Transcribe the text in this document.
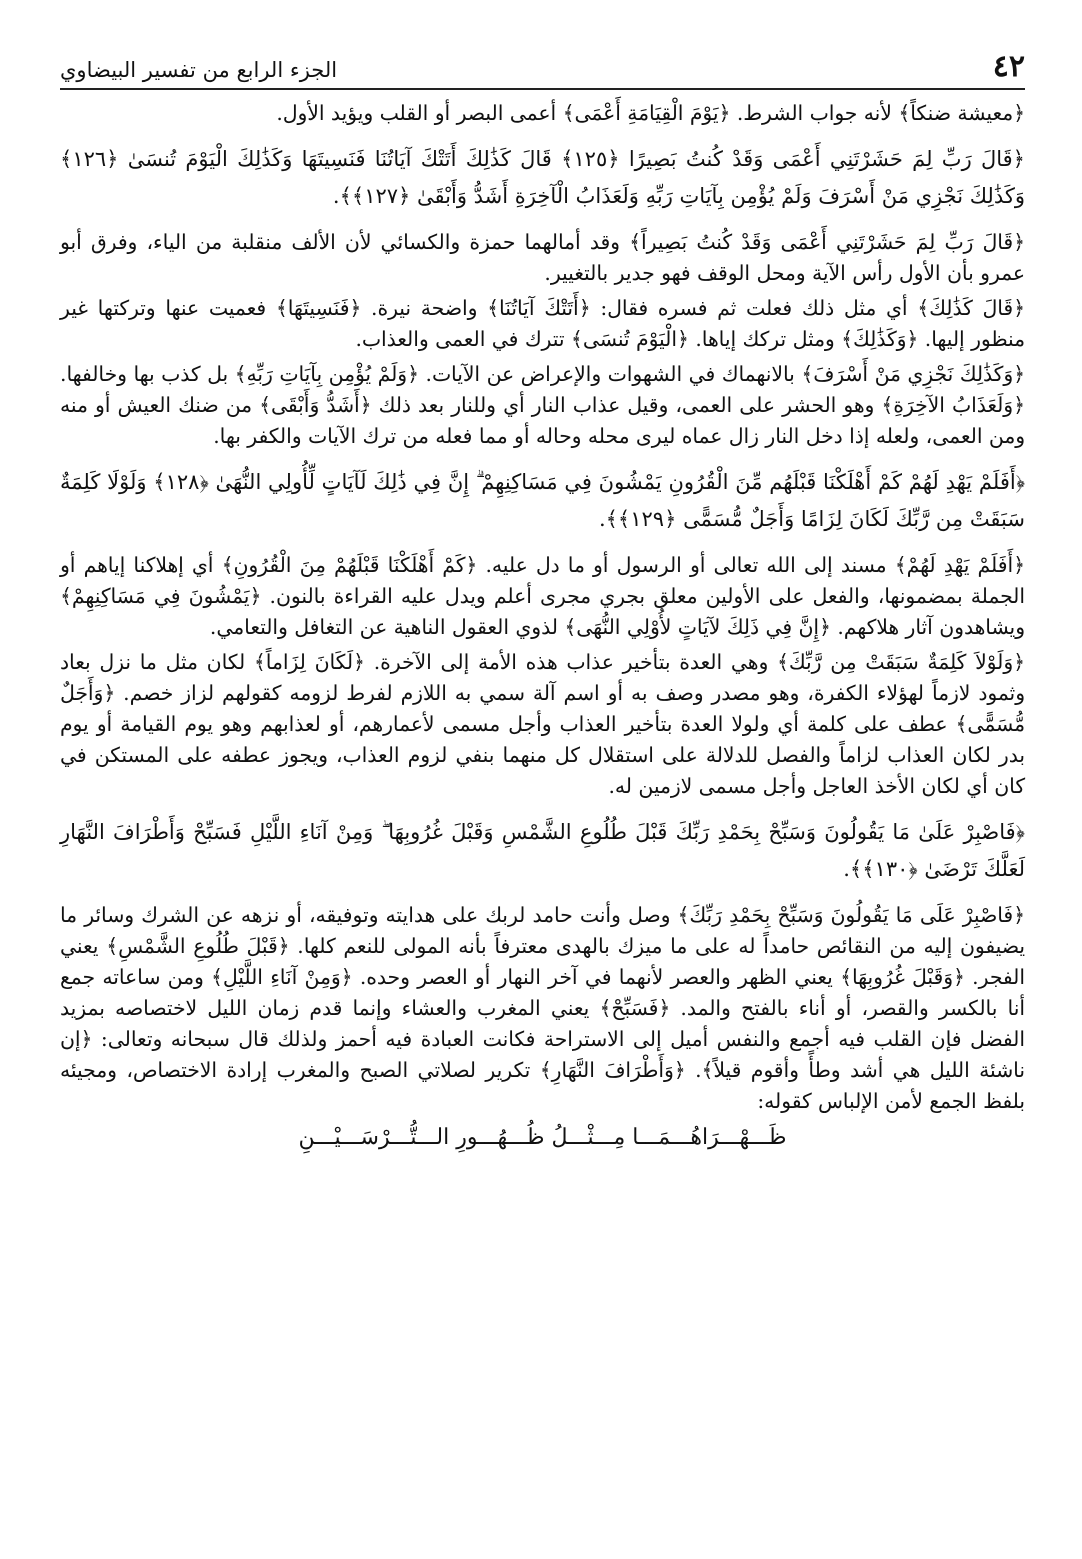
٤٢
الجزء الرابع من تفسير البيضاوي

﴿معيشة ضنكاً﴾ لأنه جواب الشرط. ﴿يَوْمَ الْقِيَامَةِ أَعْمَى﴾ أعمى البصر أو القلب ويؤيد الأول.

﴿قَالَ رَبِّ لِمَ حَشَرْتَنِي أَعْمَى وَقَدْ كُنتُ بَصِيرًا ﴿١٢٥﴾ قَالَ كَذَٰلِكَ أَتَتْكَ آيَاتُنَا فَنَسِيتَهَا وَكَذَٰلِكَ الْيَوْمَ تُنسَىٰ ﴿١٢٦﴾ وَكَذَٰلِكَ نَجْزِي مَنْ أَسْرَفَ وَلَمْ يُؤْمِن بِآيَاتِ رَبِّهِ وَلَعَذَابُ الْآخِرَةِ أَشَدُّ وَأَبْقَىٰ ﴿١٢٧﴾﴾.

﴿قَالَ رَبِّ لِمَ حَشَرْتَنِي أَعْمَى وَقَدْ كُنتُ بَصِيراً﴾ وقد أمالهما حمزة والكسائي لأن الألف منقلبة من الياء، وفرق أبو عمرو بأن الأول رأس الآية ومحل الوقف فهو جدير بالتغيير.

﴿قَالَ كَذَٰلِكَ﴾ أي مثل ذلك فعلت ثم فسره فقال: ﴿أَتَتْكَ آيَاتُنَا﴾ واضحة نيرة. ﴿فَنَسِيتَهَا﴾ فعميت عنها وتركتها غير منظور إليها. ﴿وَكَذَٰلِكَ﴾ ومثل تركك إياها. ﴿الْيَوْمَ تُنسَى﴾ تترك في العمى والعذاب.

﴿وَكَذَٰلِكَ نَجْزِي مَنْ أَسْرَفَ﴾ بالانهماك في الشهوات والإعراض عن الآيات. ﴿وَلَمْ يُؤْمِن بِآيَاتِ رَبِّهِ﴾ بل كذب بها وخالفها. ﴿وَلَعَذَابُ الآخِرَةِ﴾ وهو الحشر على العمى، وقيل عذاب النار أي وللنار بعد ذلك ﴿أَشَدُّ وَأَبْقَى﴾ من ضنك العيش أو منه ومن العمى، ولعله إذا دخل النار زال عماه ليرى محله وحاله أو مما فعله من ترك الآيات والكفر بها.

﴿أَفَلَمْ يَهْدِ لَهُمْ كَمْ أَهْلَكْنَا قَبْلَهُم مِّنَ الْقُرُونِ يَمْشُونَ فِي مَسَاكِنِهِمْ ۗ إِنَّ فِي ذَٰلِكَ لَآيَاتٍ لِّأُولِي النُّهَىٰ ﴿١٢٨﴾ وَلَوْلَا كَلِمَةٌ سَبَقَتْ مِن رَّبِّكَ لَكَانَ لِزَامًا وَأَجَلٌ مُّسَمًّى ﴿١٢٩﴾﴾.

﴿أَفَلَمْ يَهْدِ لَهُمْ﴾ مسند إلى الله تعالى أو الرسول أو ما دل عليه. ﴿كَمْ أَهْلَكْنَا قَبْلَهُمْ مِنَ الْقُرُونِ﴾ أي إهلاكنا إياهم أو الجملة بمضمونها، والفعل على الأولين معلق بجري مجرى أعلم ويدل عليه القراءة بالنون. ﴿يَمْشُونَ فِي مَسَاكِنِهِمْ﴾ ويشاهدون آثار هلاكهم. ﴿إِنَّ فِي ذَلِكَ لآيَاتٍ لأُوْلِي النُّهَى﴾ لذوي العقول الناهية عن التغافل والتعامي.

﴿وَلَوْلاَ كَلِمَةٌ سَبَقَتْ مِن رَّبِّكَ﴾ وهي العدة بتأخير عذاب هذه الأمة إلى الآخرة. ﴿لَكَانَ لِزَاماً﴾ لكان مثل ما نزل بعاد وثمود لازماً لهؤلاء الكفرة، وهو مصدر وصف به أو اسم آلة سمي به اللازم لفرط لزومه كقولهم لزاز خصم. ﴿وَأَجَلٌ مُّسَمًّى﴾ عطف على كلمة أي ولولا العدة بتأخير العذاب وأجل مسمى لأعمارهم، أو لعذابهم وهو يوم القيامة أو يوم بدر لكان العذاب لزاماً والفصل للدلالة على استقلال كل منهما بنفي لزوم العذاب، ويجوز عطفه على المستكن في كان أي لكان الأخذ العاجل وأجل مسمى لازمين له.

﴿فَاصْبِرْ عَلَىٰ مَا يَقُولُونَ وَسَبِّحْ بِحَمْدِ رَبِّكَ قَبْلَ طُلُوعِ الشَّمْسِ وَقَبْلَ غُرُوبِهَا ۖ وَمِنْ آنَاءِ اللَّيْلِ فَسَبِّحْ وَأَطْرَافَ النَّهَارِ لَعَلَّكَ تَرْضَىٰ ﴿١٣٠﴾﴾.

﴿فَاصْبِرْ عَلَى مَا يَقُولُونَ وَسَبِّحْ بِحَمْدِ رَبِّكَ﴾ وصل وأنت حامد لربك على هدايته وتوفيقه، أو نزهه عن الشرك وسائر ما يضيفون إليه من النقائص حامداً له على ما ميزك بالهدى معترفاً بأنه المولى للنعم كلها. ﴿قَبْلَ طُلُوعِ الشَّمْسِ﴾ يعني الفجر. ﴿وَقَبْلَ غُرُوبِهَا﴾ يعني الظهر والعصر لأنهما في آخر النهار أو العصر وحده. ﴿وَمِنْ آنَاءِ اللَّيْلِ﴾ ومن ساعاته جمع أنا بالكسر والقصر، أو أناء بالفتح والمد. ﴿فَسَبِّحْ﴾ يعني المغرب والعشاء وإنما قدم زمان الليل لاختصاصه بمزيد الفضل فإن القلب فيه أجمع والنفس أميل إلى الاستراحة فكانت العبادة فيه أحمز ولذلك قال سبحانه وتعالى: ﴿إن ناشئة الليل هي أشد وطأً وأقوم قيلاً﴾. ﴿وَأَطْرَافَ النَّهَارِ﴾ تكرير لصلاتي الصبح والمغرب إرادة الاختصاص، ومجيئه بلفظ الجمع لأمن الإلباس كقوله:

ظَـــهْـــرَاهُـــمَـــا مِـــثْـــلُ ظُـــهُـــورِ الـــتُّـــرْسَـــيْـــنِ
